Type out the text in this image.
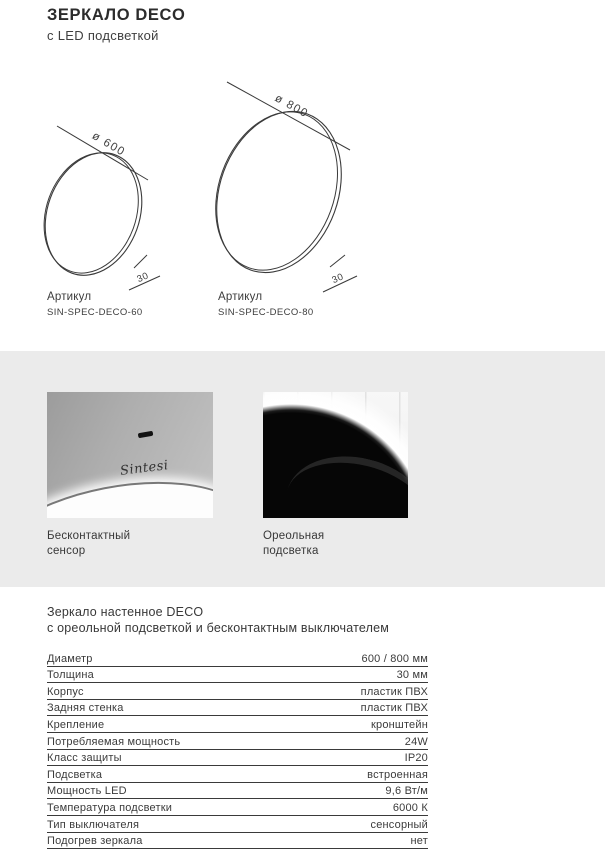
ЗЕРКАЛО DECO
с LED подсветкой
ø 600
30
ø 800
30
Артикул
SIN-SPEC-DECO-60
Артикул
SIN-SPEC-DECO-80
Sintesi
Бесконтактный
сенсор
Ореольная
подсветка
Зеркало настенное DECO
с ореольной подсветкой и бесконтактным выключателем
Диаметр	600 / 800 мм
Толщина	30 мм
Корпус	пластик ПВХ
Задняя стенка	пластик ПВХ
Крепление	кронштейн
Потребляемая мощность	24W
Класс защиты	IP20
Подсветка	встроенная
Мощность LED	9,6 Вт/м
Температура подсветки	6000 К
Тип выключателя	сенсорный
Подогрев зеркала	нет
